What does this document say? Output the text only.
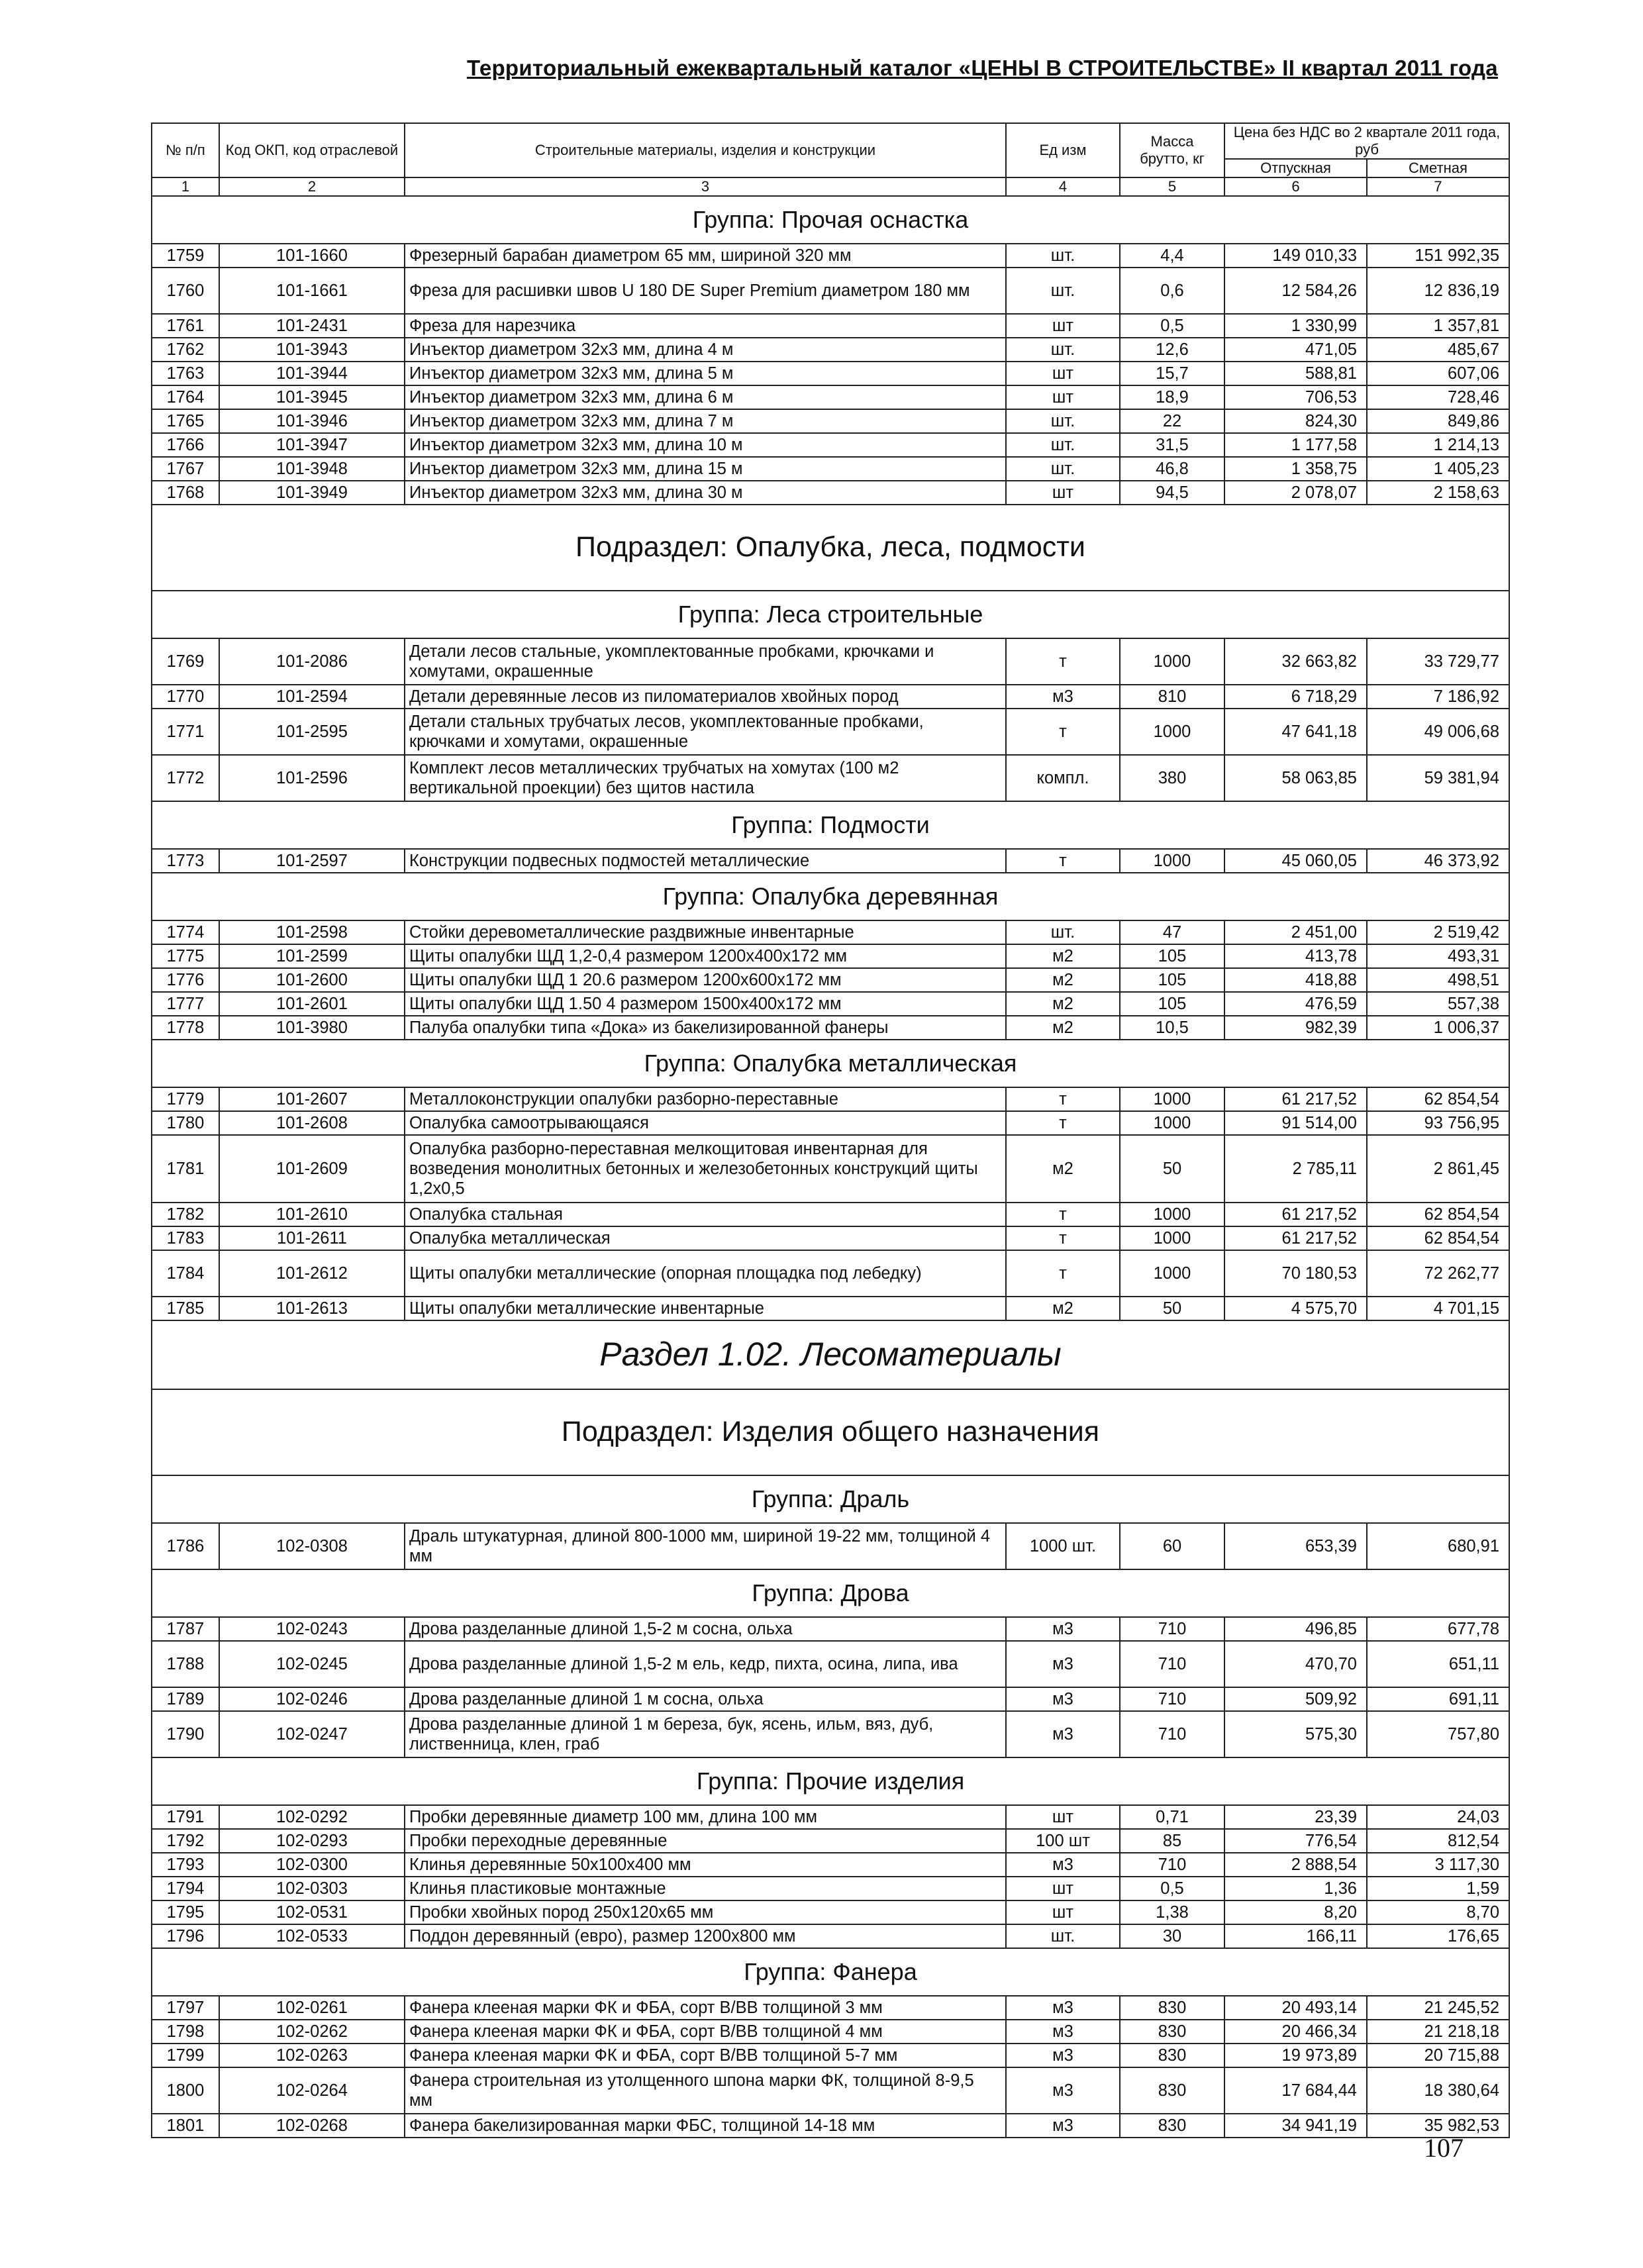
Территориальный ежеквартальный каталог «ЦЕНЫ В СТРОИТЕЛЬСТВЕ» II квартал 2011 года
№ п/п	Код ОКП, код отраслевой	Строительные материалы, изделия и конструкции	Ед изм	Масса брутто, кг	Цена без НДС во 2 квартале 2011 года, руб	
					Отпускная	Сметная
1	2	3	4	5	6	7
Группа: Прочая оснастка						
1759	101-1660	Фрезерный барабан диаметром 65 мм, шириной 320 мм	шт.	4,4	149 010,33	151 992,35
1760	101-1661	Фреза для расшивки швов U 180 DE Super Premium диаметром 180 мм	шт.	0,6	12 584,26	12 836,19
1761	101-2431	Фреза для нарезчика	шт	0,5	1 330,99	1 357,81
1762	101-3943	Инъектор диаметром 32х3 мм, длина 4 м	шт.	12,6	471,05	485,67
1763	101-3944	Инъектор диаметром 32х3 мм, длина 5 м	шт	15,7	588,81	607,06
1764	101-3945	Инъектор диаметром 32х3 мм, длина 6 м	шт	18,9	706,53	728,46
1765	101-3946	Инъектор диаметром 32х3 мм, длина 7 м	шт.	22	824,30	849,86
1766	101-3947	Инъектор диаметром 32х3 мм, длина 10 м	шт.	31,5	1 177,58	1 214,13
1767	101-3948	Инъектор диаметром 32х3 мм, длина 15 м	шт.	46,8	1 358,75	1 405,23
1768	101-3949	Инъектор диаметром 32х3 мм, длина 30 м	шт	94,5	2 078,07	2 158,63
Подраздел: Опалубка, леса, подмости						
Группа: Леса строительные						
1769	101-2086	Детали лесов стальные, укомплектованные пробками, крючками и хомутами, окрашенные	т	1000	32 663,82	33 729,77
1770	101-2594	Детали деревянные лесов из пиломатериалов хвойных пород	м3	810	6 718,29	7 186,92
1771	101-2595	Детали стальных трубчатых лесов, укомплектованные пробками, крючками и хомутами, окрашенные	т	1000	47 641,18	49 006,68
1772	101-2596	Комплект лесов металлических трубчатых на хомутах (100 м2 вертикальной проекции) без щитов настила	компл.	380	58 063,85	59 381,94
Группа: Подмости						
1773	101-2597	Конструкции подвесных подмостей металлические	т	1000	45 060,05	46 373,92
Группа: Опалубка деревянная						
1774	101-2598	Стойки деревометаллические раздвижные инвентарные	шт.	47	2 451,00	2 519,42
1775	101-2599	Щиты опалубки ЩД 1,2-0,4 размером 1200х400х172 мм	м2	105	413,78	493,31
1776	101-2600	Щиты опалубки ЩД 1 20.6 размером 1200х600х172 мм	м2	105	418,88	498,51
1777	101-2601	Щиты опалубки ЩД 1.50 4 размером 1500х400х172 мм	м2	105	476,59	557,38
1778	101-3980	Палуба опалубки типа «Дока» из бакелизированной фанеры	м2	10,5	982,39	1 006,37
Группа: Опалубка металлическая						
1779	101-2607	Металлоконструкции опалубки разборно-переставные	т	1000	61 217,52	62 854,54
1780	101-2608	Опалубка самоотрывающаяся	т	1000	91 514,00	93 756,95
1781	101-2609	Опалубка разборно-переставная мелкощитовая инвентарная для возведения монолитных бетонных и железобетонных конструкций щиты 1,2х0,5	м2	50	2 785,11	2 861,45
1782	101-2610	Опалубка стальная	т	1000	61 217,52	62 854,54
1783	101-2611	Опалубка металлическая	т	1000	61 217,52	62 854,54
1784	101-2612	Щиты опалубки металлические (опорная площадка под лебедку)	т	1000	70 180,53	72 262,77
1785	101-2613	Щиты опалубки металлические инвентарные	м2	50	4 575,70	4 701,15
Раздел 1.02. Лесоматериалы						
Подраздел: Изделия общего назначения						
Группа: Драль						
1786	102-0308	Драль штукатурная, длиной 800-1000 мм, шириной 19-22 мм, толщиной 4 мм	1000 шт.	60	653,39	680,91
Группа: Дрова						
1787	102-0243	Дрова разделанные длиной 1,5-2 м сосна, ольха	м3	710	496,85	677,78
1788	102-0245	Дрова разделанные длиной 1,5-2 м ель, кедр, пихта, осина, липа, ива	м3	710	470,70	651,11
1789	102-0246	Дрова разделанные длиной 1 м сосна, ольха	м3	710	509,92	691,11
1790	102-0247	Дрова разделанные длиной 1 м береза, бук, ясень, ильм, вяз, дуб, лиственница, клен, граб	м3	710	575,30	757,80
Группа: Прочие изделия						
1791	102-0292	Пробки деревянные диаметр 100 мм, длина 100 мм	шт	0,71	23,39	24,03
1792	102-0293	Пробки переходные деревянные	100 шт	85	776,54	812,54
1793	102-0300	Клинья деревянные 50х100х400 мм	м3	710	2 888,54	3 117,30
1794	102-0303	Клинья пластиковые монтажные	шт	0,5	1,36	1,59
1795	102-0531	Пробки хвойных пород 250х120х65 мм	шт	1,38	8,20	8,70
1796	102-0533	Поддон деревянный (евро), размер 1200х800 мм	шт.	30	166,11	176,65
Группа: Фанера						
1797	102-0261	Фанера клееная марки ФК и ФБА, сорт В/ВВ толщиной 3 мм	м3	830	20 493,14	21 245,52
1798	102-0262	Фанера клееная марки ФК и ФБА, сорт В/ВВ толщиной 4 мм	м3	830	20 466,34	21 218,18
1799	102-0263	Фанера клееная марки ФК и ФБА, сорт В/ВВ толщиной 5-7 мм	м3	830	19 973,89	20 715,88
1800	102-0264	Фанера строительная из утолщенного шпона марки ФК, толщиной 8-9,5 мм	м3	830	17 684,44	18 380,64
1801	102-0268	Фанера бакелизированная марки ФБС, толщиной 14-18 мм	м3	830	34 941,19	35 982,53
107
